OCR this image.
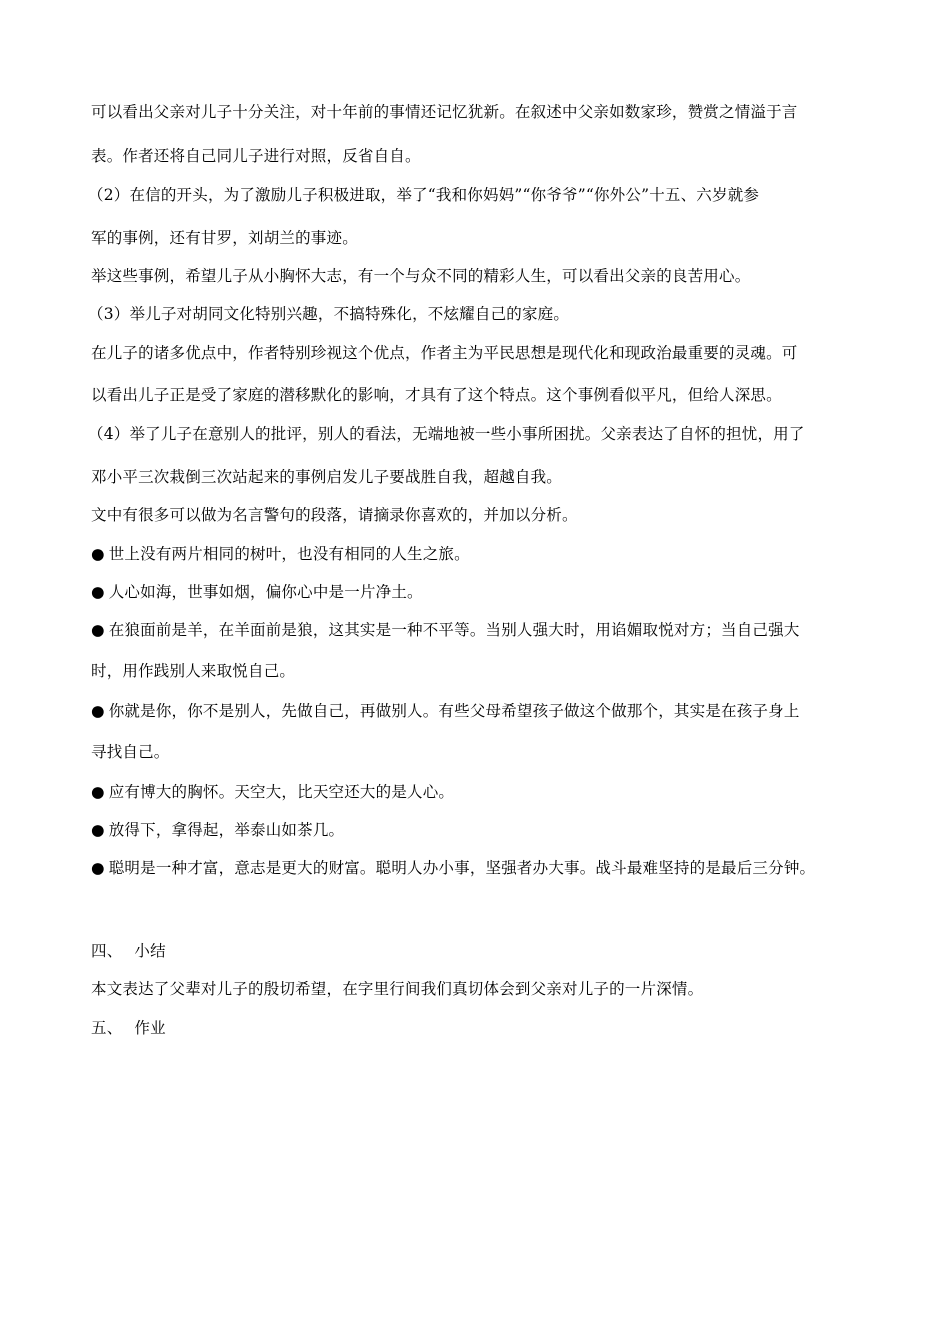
可以看出父亲对儿子十分关注，对十年前的事情还记忆犹新。在叙述中父亲如数家珍，赞赏之情溢于言
表。作者还将自己同儿子进行对照，反省自自。
（2）在信的开头，为了激励儿子积极进取，举了“我和你妈妈”“你爷爷”“你外公”十五、六岁就参
军的事例，还有甘罗，刘胡兰的事迹。
举这些事例，希望儿子从小胸怀大志，有一个与众不同的精彩人生，可以看出父亲的良苦用心。
（3）举儿子对胡同文化特别兴趣，不搞特殊化，不炫耀自己的家庭。
在儿子的诸多优点中，作者特别珍视这个优点，作者主为平民思想是现代化和现政治最重要的灵魂。可
以看出儿子正是受了家庭的潜移默化的影响，才具有了这个特点。这个事例看似平凡，但给人深思。
（4）举了儿子在意别人的批评，别人的看法，无端地被一些小事所困扰。父亲表达了自怀的担忧，用了
邓小平三次栽倒三次站起来的事例启发儿子要战胜自我，超越自我。
文中有很多可以做为名言警句的段落，请摘录你喜欢的，并加以分析。
● 世上没有两片相同的树叶，也没有相同的人生之旅。
● 人心如海，世事如烟，偏你心中是一片净土。
● 在狼面前是羊，在羊面前是狼，这其实是一种不平等。当别人强大时，用谄媚取悦对方；当自己强大
时，用作践别人来取悦自己。
● 你就是你，你不是别人，先做自己，再做别人。有些父母希望孩子做这个做那个，其实是在孩子身上
寻找自己。
● 应有博大的胸怀。天空大，比天空还大的是人心。
● 放得下，拿得起，举泰山如茶几。
● 聪明是一种才富，意志是更大的财富。聪明人办小事，坚强者办大事。战斗最难坚持的是最后三分钟。
四、 小结
本文表达了父辈对儿子的殷切希望，在字里行间我们真切体会到父亲对儿子的一片深情。
五、 作业
